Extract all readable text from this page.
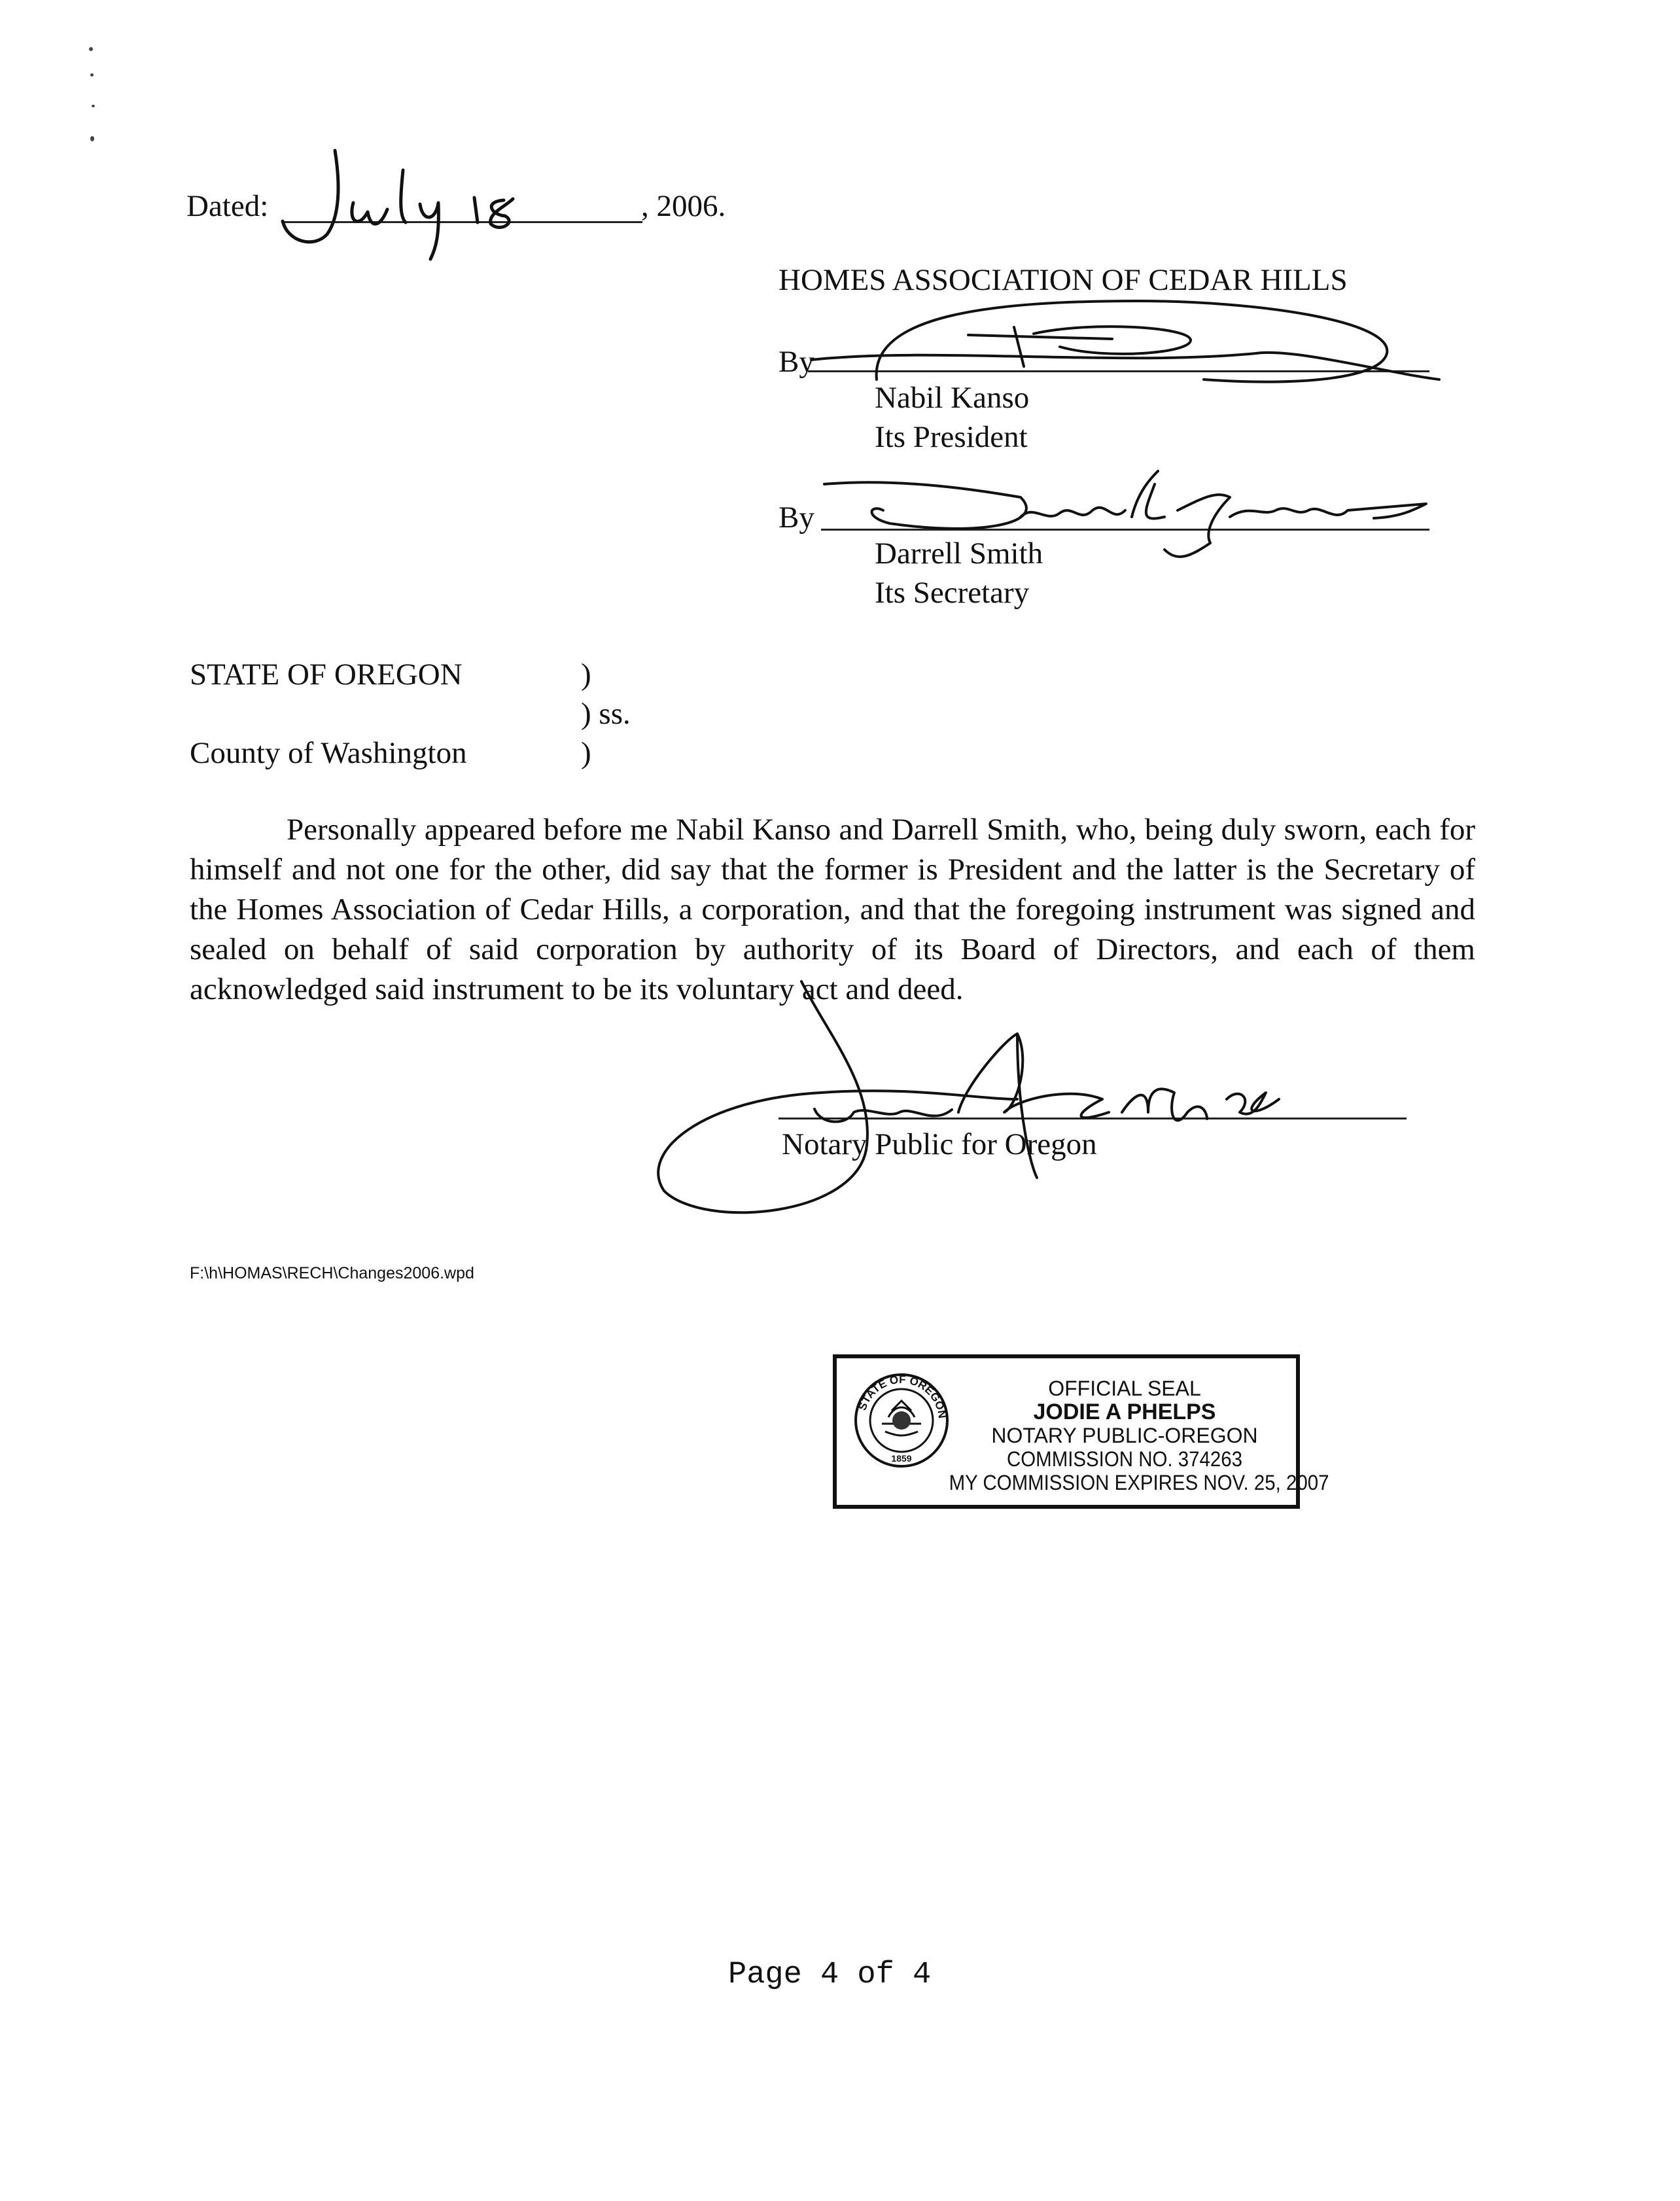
Dated:	, 2006.
HOMES ASSOCIATION OF CEDAR HILLS
By
Nabil Kanso
Its President
By
Darrell Smith
Its Secretary
STATE OF OREGON	)
) ss.
County of Washington	)

Personally appeared before me Nabil Kanso and Darrell Smith, who, being duly sworn, each for himself and not one for the other, did say that the former is President and the latter is the Secretary of the Homes Association of Cedar Hills, a corporation, and that the foregoing instrument was signed and sealed on behalf of said corporation by authority of its Board of Directors, and each of them acknowledged said instrument to be its voluntary act and deed.

Notary Public for Oregon
F:\h\HOMAS\RECH\Changes2006.wpd
STATE OF OREGON
1859
OFFICIAL SEAL
JODIE A PHELPS
NOTARY PUBLIC-OREGON
COMMISSION NO. 374263
MY COMMISSION EXPIRES NOV. 25, 2007
Page 4 of 4
